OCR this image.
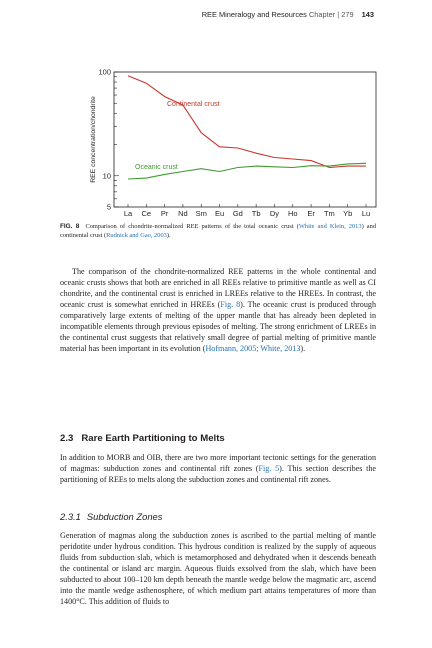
REE Mineralogy and Resources Chapter | 279 143
100
10
5
REE concentration/chondrite
La Ce Pr Nd Sm Eu Gd Tb Dy Ho Er Tm Yb Lu
Continental crust
Oceanic crust
FIG. 8 Comparison of chondrite-normalized REE patterns of the total oceanic crust (White and Klein, 2013) and continental crust (Rudnick and Gao, 2003).

The comparison of the chondrite-normalized REE patterns in the whole continental and oceanic crusts shows that both are enriched in all REEs relative to primitive mantle as well as CI chondrite, and the continental crust is enriched in LREEs relative to the HREEs. In contrast, the oceanic crust is somewhat enriched in HREEs (Fig. 8). The oceanic crust is produced through comparatively large extents of melting of the upper mantle that has already been depleted in incompatible elements through previous episodes of melting. The strong enrichment of LREEs in the continental crust suggests that relatively small degree of partial melting of primitive mantle material has been important in its evolution (Hofmann, 2005; White, 2013).

2.3 Rare Earth Partitioning to Melts

In addition to MORB and OIB, there are two more important tectonic settings for the generation of magmas: subduction zones and continental rift zones (Fig. 5). This section describes the partitioning of REEs to melts along the subduction zones and continental rift zones.

2.3.1 Subduction Zones

Generation of magmas along the subduction zones is ascribed to the partial melting of mantle peridotite under hydrous condition. This hydrous condition is realized by the supply of aqueous fluids from subduction slab, which is metamorphosed and dehydrated when it descends beneath the continental or island arc margin. Aqueous fluids exsolved from the slab, which have been subducted to about 100–120 km depth beneath the mantle wedge below the magmatic arc, ascend into the mantle wedge asthenosphere, of which medium part attains temperatures of more than 1400°C. This addition of fluids to
